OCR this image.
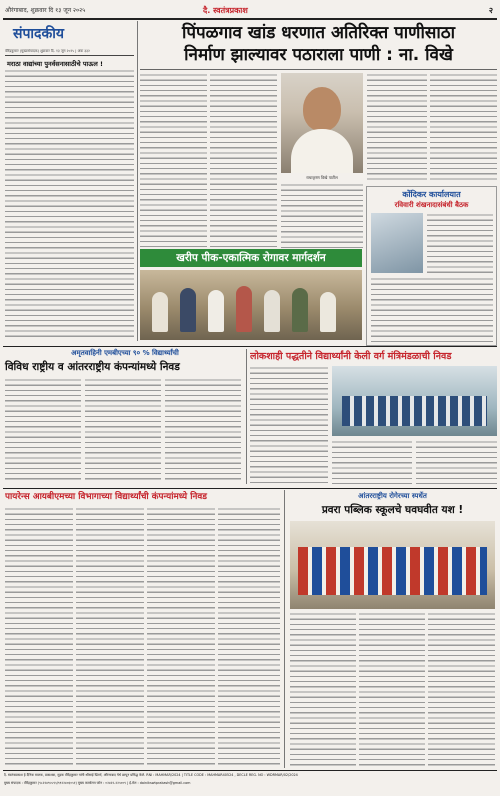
औरंगाबाद, शुक्रवार दि १३ जून २०२५	दै. स्वतंत्रप्रकाश	२
संपादकीय
वीरेंद्रकुमार (मुख्यसंपादक) शुक्रवार दि. १३ जून २०२५ | अंक ३३२
मराठा वाद्यांच्या पुनर्वसनासाठीचे पाऊल !
पिंपळगाव खांड धरणात अतिरिक्त पाणीसाठा
निर्माण झाल्यावर पठाराला पाणी : ना. विखे
राधाकृष्ण विखे पाटील
कोंदिकर कार्यालयात
रविवारी शंखनादासंबंधी बैठक
खरीप पीक-एकात्मिक रोगावर मार्गदर्शन
अमृतवाहिनी एमबीएच्या ९० % विद्यार्थ्यांची
विविध राष्ट्रीय व आंतरराष्ट्रीय कंपन्यांमध्ये निवड
लोकशाही पद्धतीने विद्यार्थ्यांनी केली वर्ग मंत्रिमंडळाची निवड
पायरेन्स आयबीएमच्या विभागाच्या विद्यार्थ्यांची कंपन्यांमध्ये निवड	आंतरराष्ट्रीय रोगेरच्या स्पर्धेत
प्रवरा पब्लिक स्कूलचे घवघवीत यश !
दै. स्वतंत्रप्रकाश हे दैनिक मालक, प्रकाशक, मुद्रक वीरेंद्रकुमार यांनी श्रीसाई प्रिंटर्स, औरंगाबाद येथे छापून प्रसिद्ध केले. RNI : MAHMAR/2024 | TITLE CODE : MAHMAR40524 , DECLE REG. NO : WDRMAR/02/2024
मुख्य संपादक : वीरेंद्रकुमार (९८२२४९५५९५/९९२२४०६०५१) मुख्य कार्यालय फोन : ०२४२२-२२५००९ | ई-मेल : dainikswtprakash@gmail.com
